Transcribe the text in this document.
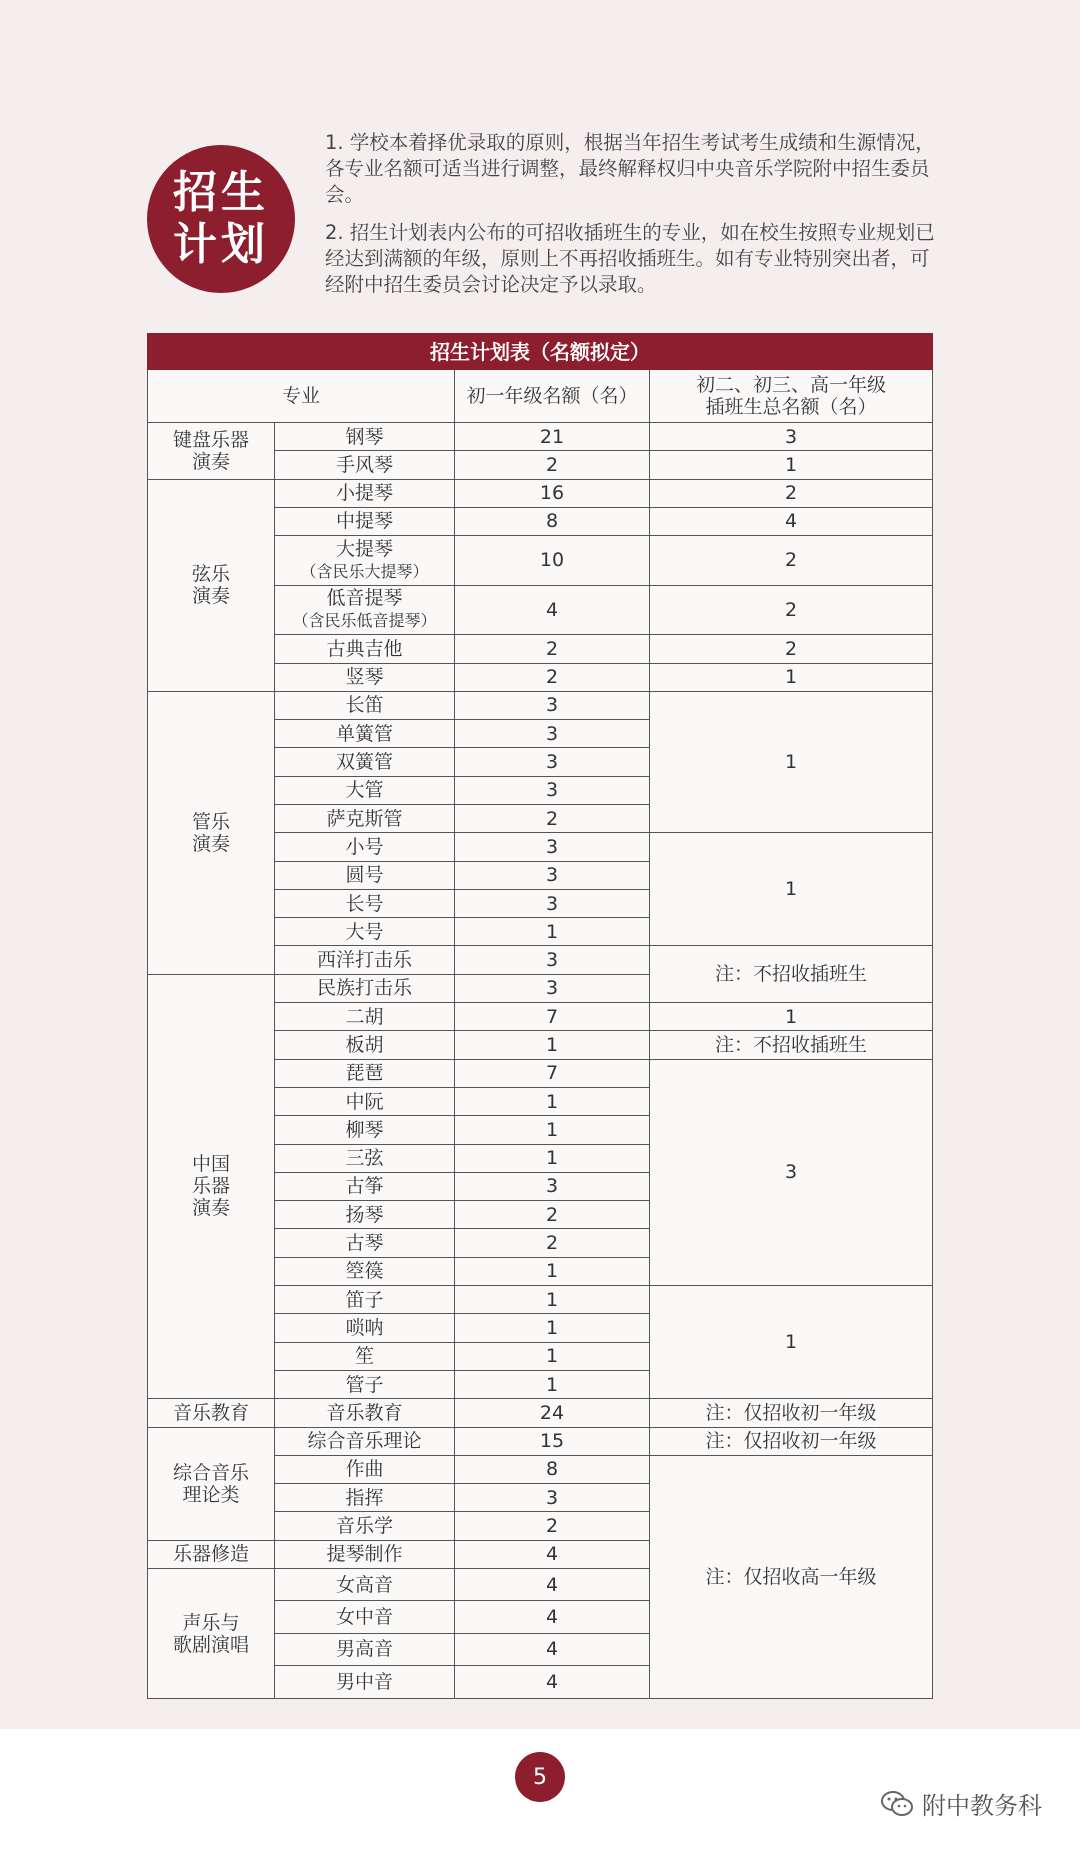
招生
计划

1. 学校本着择优录取的原则，根据当年招生考试考生成绩和生源情况，各专业名额可适当进行调整，最终解释权归中央音乐学院附中招生委员会。

2. 招生计划表内公布的可招收插班生的专业，如在校生按照专业规划已经达到满额的年级，原则上不再招收插班生。如有专业特别突出者，可经附中招生委员会讨论决定予以录取。

招生计划表（名额拟定）			
专业		初一年级名额（名）	初二、初三、高一年级
插班生总名额（名）
键盘乐器
演奏	钢琴	21	3
	手风琴	2	1
弦乐
演奏	小提琴	16	2
	中提琴	8	4
	大提琴
（含民乐大提琴）	10	2
	低音提琴
（含民乐低音提琴）	4	2
	古典吉他	2	2
	竖琴	2	1
管乐
演奏	长笛	3	1
	单簧管	3	
	双簧管	3	
	大管	3	
	萨克斯管	2	
	小号	3	1
	圆号	3	
	长号	3	
	大号	1	
	西洋打击乐	3	注：不招收插班生
中国
乐器
演奏	民族打击乐	3	
	二胡	7	1
	板胡	1	注：不招收插班生
	琵琶	7	3
	中阮	1	
	柳琴	1	
	三弦	1	
	古筝	3	
	扬琴	2	
	古琴	2	
	箜篌	1	
	笛子	1	1
	唢呐	1	
	笙	1	
	管子	1	
音乐教育	音乐教育	24	注：仅招收初一年级
综合音乐
理论类	综合音乐理论	15	注：仅招收初一年级
	作曲	8	注：仅招收高一年级
	指挥	3	
	音乐学	2	
乐器修造	提琴制作	4	
声乐与
歌剧演唱	女高音	4	
	女中音	4	
	男高音	4	
	男中音	4	
5
附中教务科
